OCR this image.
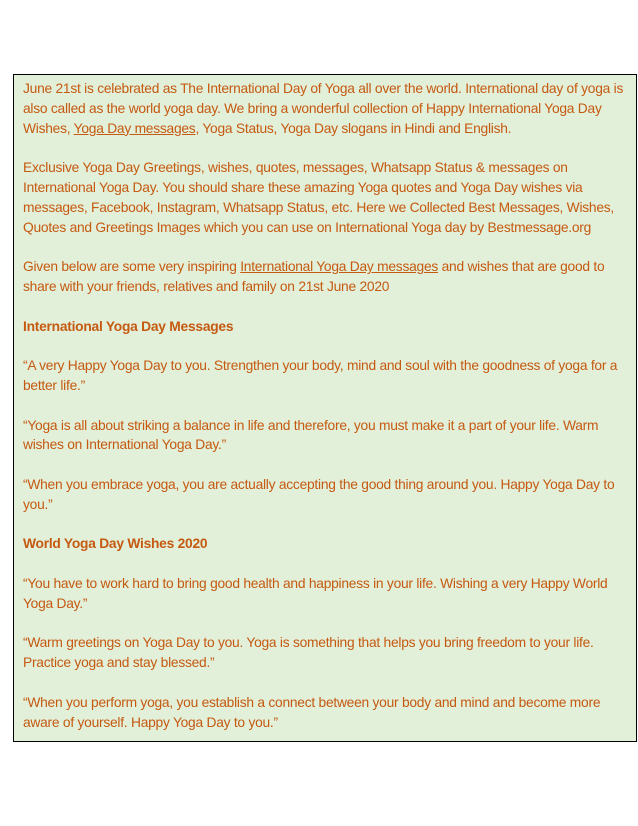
June 21st is celebrated as The International Day of Yoga all over the world. International day of yoga is also called as the world yoga day. We bring a wonderful collection of Happy International Yoga Day Wishes, Yoga Day messages, Yoga Status, Yoga Day slogans in Hindi and English.

Exclusive Yoga Day Greetings, wishes, quotes, messages, Whatsapp Status & messages on International Yoga Day. You should share these amazing Yoga quotes and Yoga Day wishes via messages, Facebook, Instagram, Whatsapp Status, etc. Here we Collected Best Messages, Wishes, Quotes and Greetings Images which you can use on International Yoga day by Bestmessage.org

Given below are some very inspiring International Yoga Day messages and wishes that are good to share with your friends, relatives and family on 21st June 2020

International Yoga Day Messages

“A very Happy Yoga Day to you. Strengthen your body, mind and soul with the goodness of yoga for a better life.”

“Yoga is all about striking a balance in life and therefore, you must make it a part of your life. Warm wishes on International Yoga Day.”

“When you embrace yoga, you are actually accepting the good thing around you. Happy Yoga Day to you.”

World Yoga Day Wishes 2020

“You have to work hard to bring good health and happiness in your life. Wishing a very Happy World Yoga Day.”

“Warm greetings on Yoga Day to you. Yoga is something that helps you bring freedom to your life. Practice yoga and stay blessed.”

“When you perform yoga, you establish a connect between your body and mind and become more aware of yourself. Happy Yoga Day to you.”
